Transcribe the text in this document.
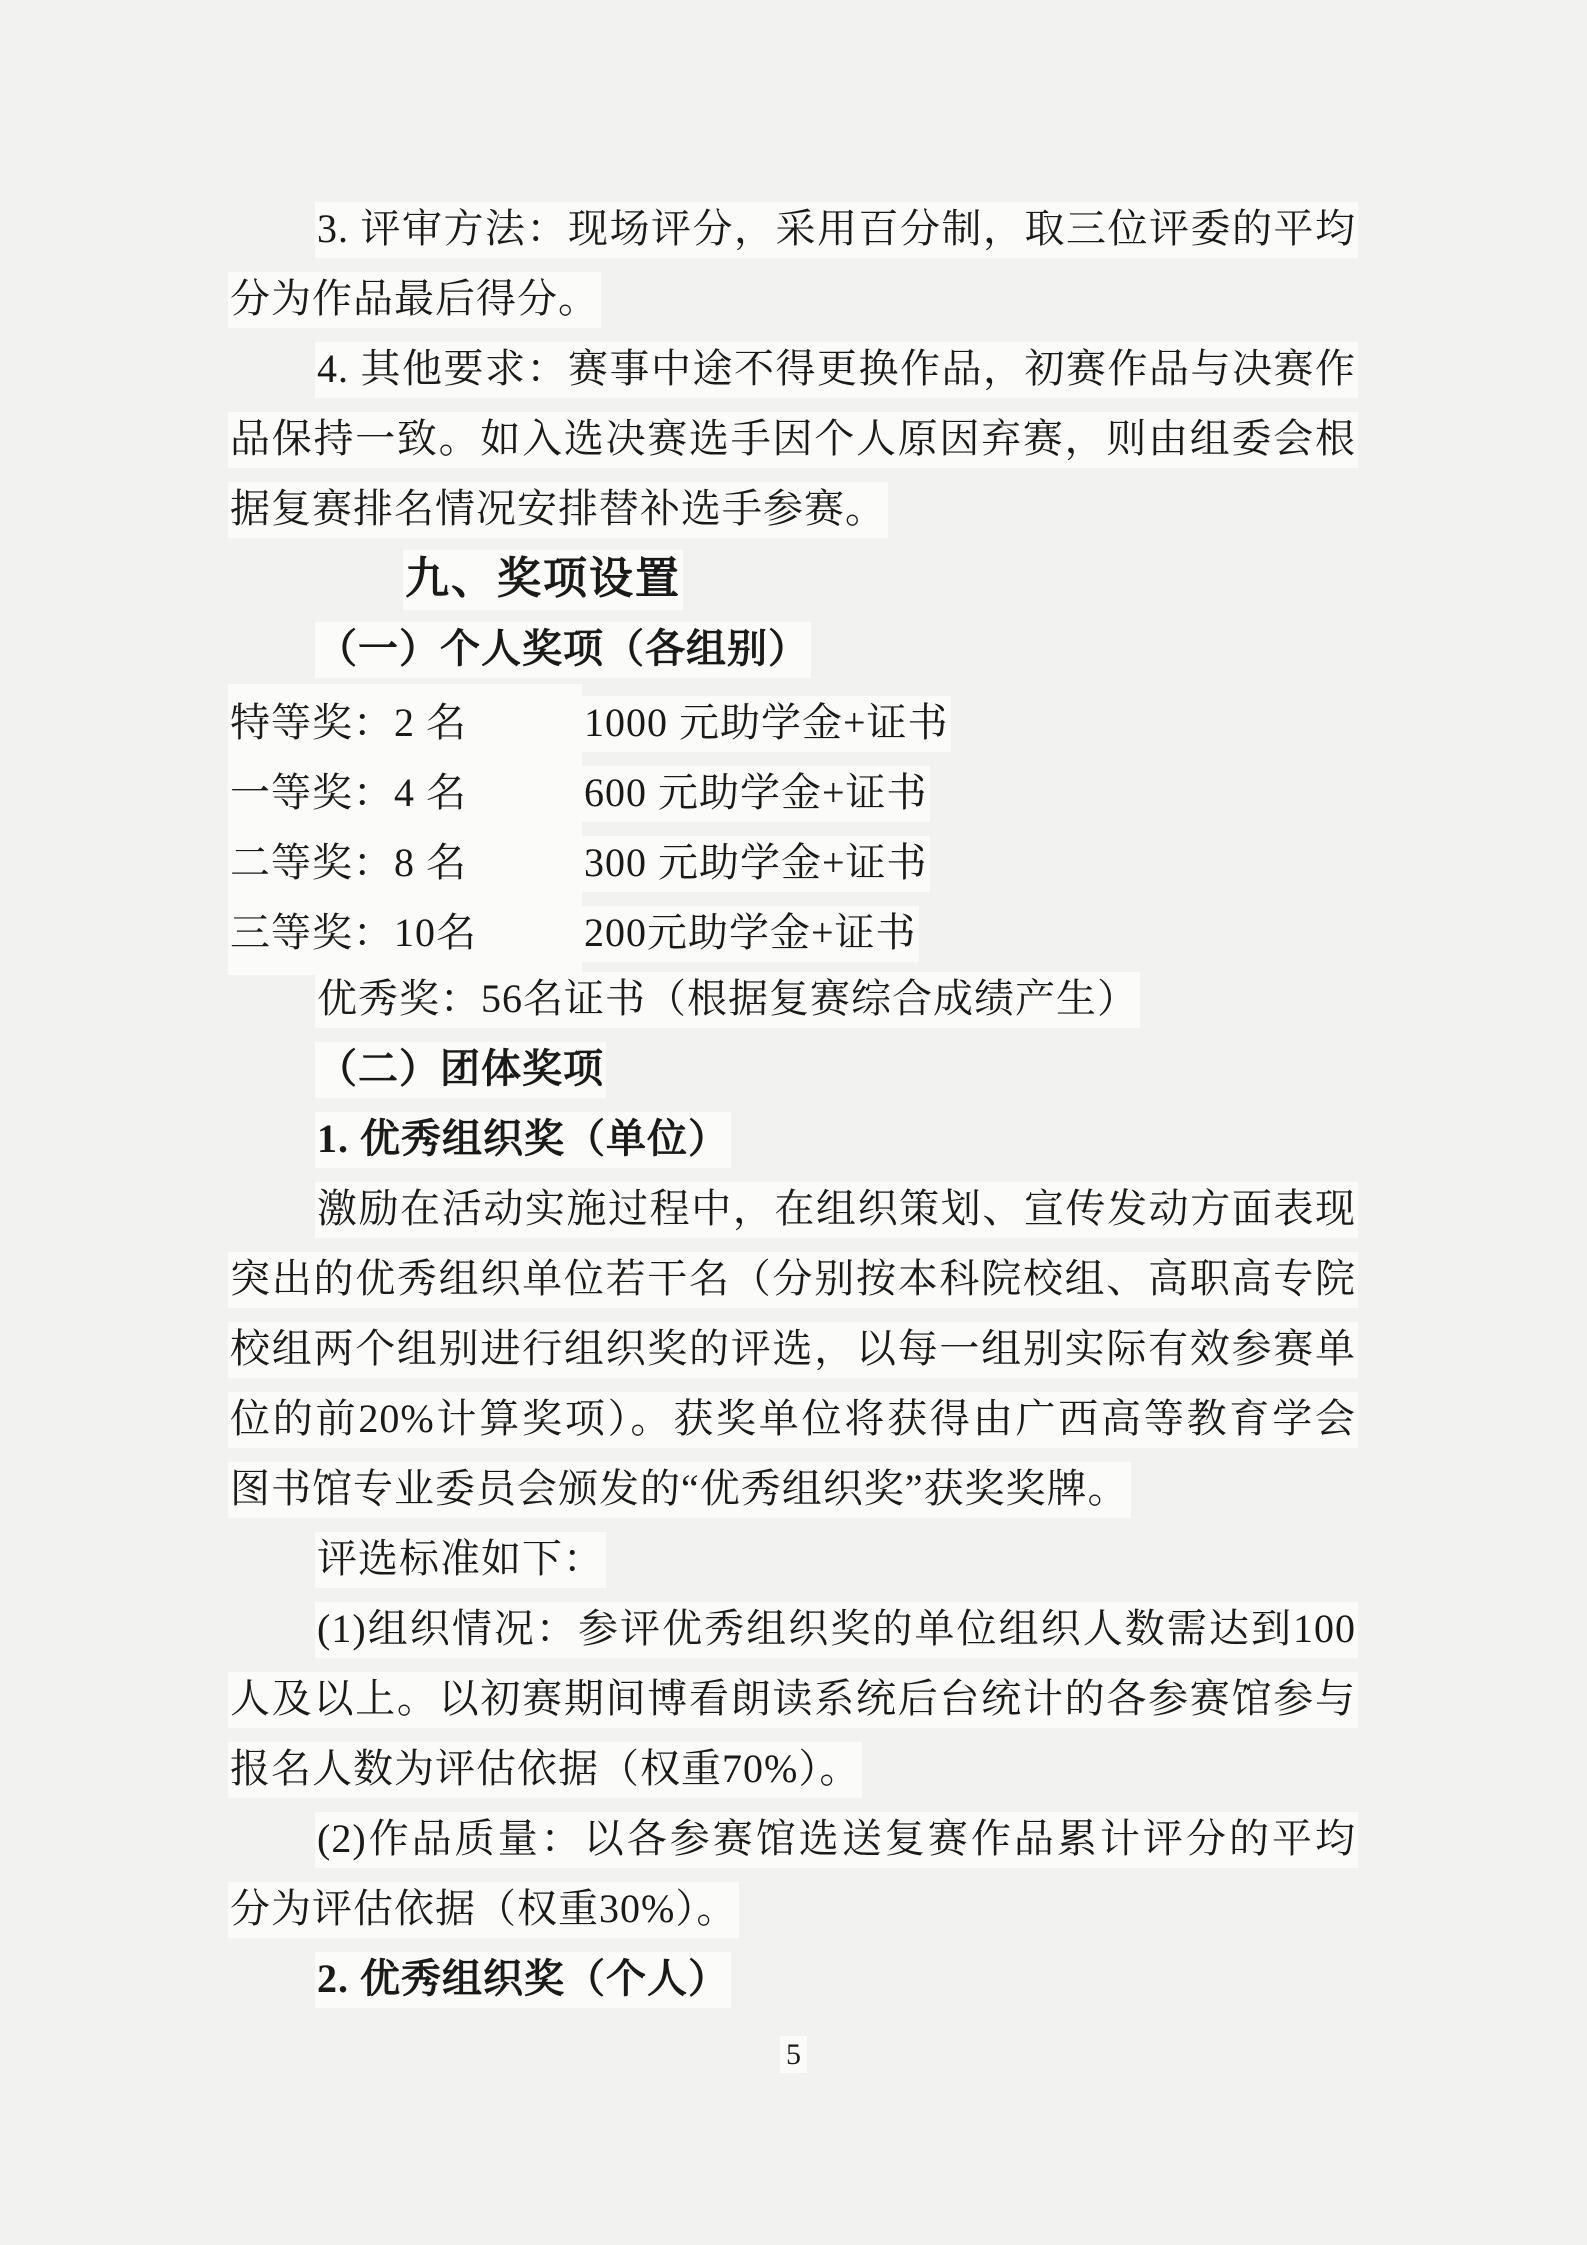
3. 评审方法：现场评分，采用百分制，取三位评委的平均
分为作品最后得分。
4. 其他要求：赛事中途不得更换作品，初赛作品与决赛作
品保持一致。如入选决赛选手因个人原因弃赛，则由组委会根
据复赛排名情况安排替补选手参赛。
九、奖项设置
（一）个人奖项（各组别）
特等奖：2 名	1000 元助学金+证书
一等奖：4 名	600 元助学金+证书
二等奖：8 名	300 元助学金+证书
三等奖：10名	200元助学金+证书
优秀奖：56名证书（根据复赛综合成绩产生）
（二）团体奖项
1. 优秀组织奖（单位）
激励在活动实施过程中，在组织策划、宣传发动方面表现
突出的优秀组织单位若干名（分别按本科院校组、高职高专院
校组两个组别进行组织奖的评选，以每一组别实际有效参赛单
位的前20%计算奖项）。获奖单位将获得由广西高等教育学会
图书馆专业委员会颁发的“优秀组织奖”获奖奖牌。
评选标准如下：
(1)组织情况：参评优秀组织奖的单位组织人数需达到100
人及以上。以初赛期间博看朗读系统后台统计的各参赛馆参与
报名人数为评估依据（权重70%）。
(2)作品质量：以各参赛馆选送复赛作品累计评分的平均
分为评估依据（权重30%）。
2. 优秀组织奖（个人）
5
